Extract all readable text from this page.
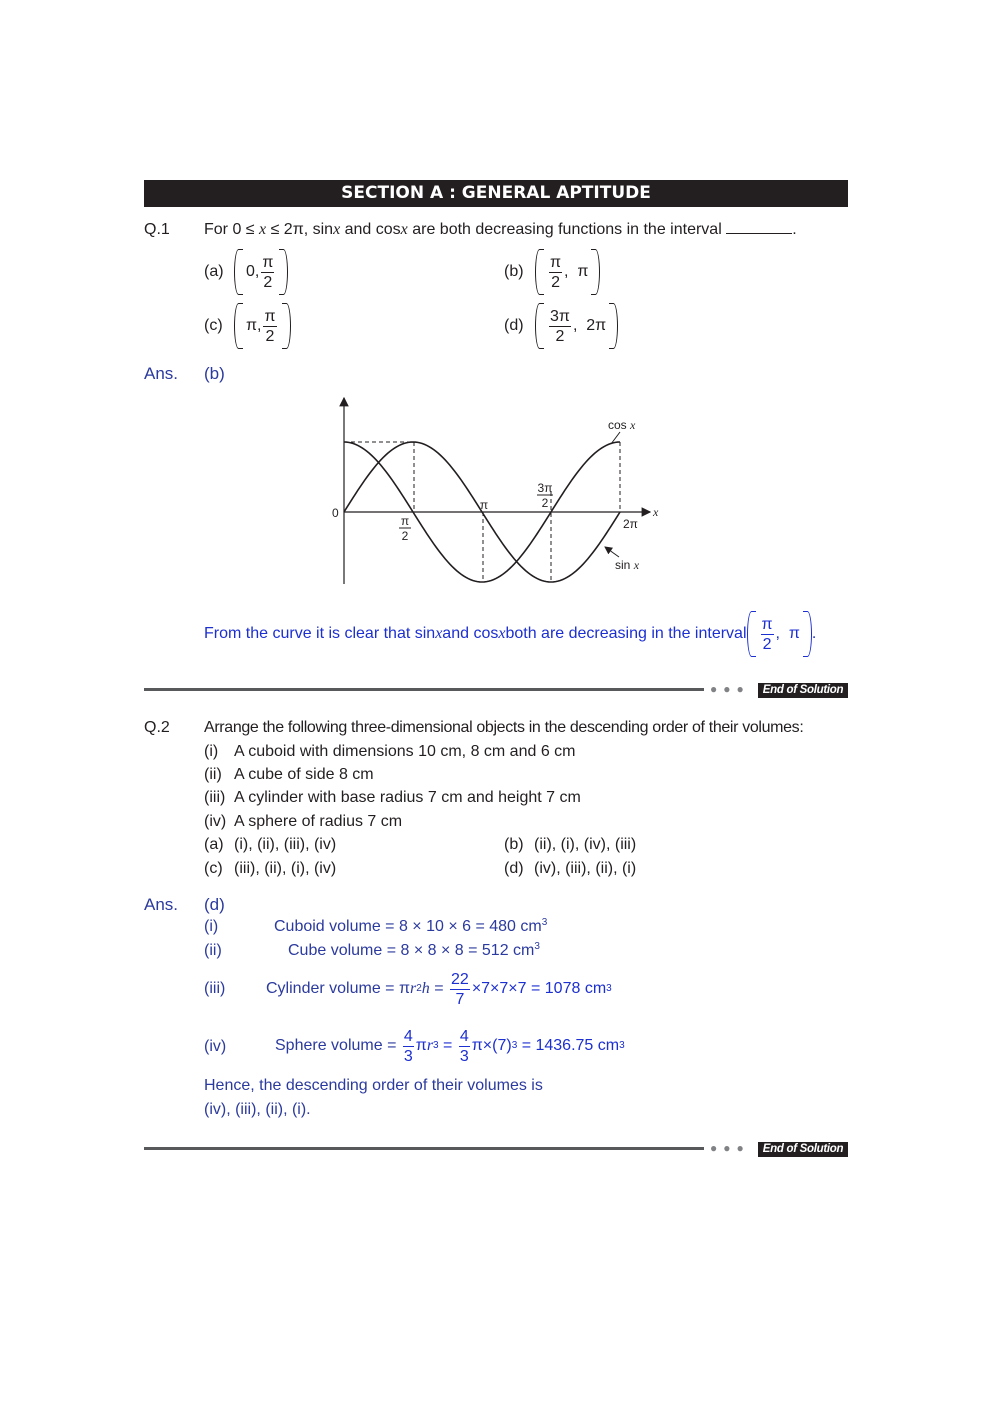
SECTION A : GENERAL APTITUDE
Q.1 For 0 ≤ x ≤ 2π, sinx and cosx are both decreasing functions in the interval	.
(a) 0, $\frac{\pi}{2}$	$(b) \frac{\pi}{2}$ ,  π
(c) π, $\frac{\pi}{2}$	$(d) \frac{3\pi}{2}$ ,  2π
Ans. (b)
0	x
π
π
2
3π
2
2π
cos x
sin x
From the curve it is clear that sin x and cos x both are decreasing in the interval $\frac{\pi}{2}$ ,  π .
●●●	End of Solution
Q.2 Arrange the following three-dimensional objects in the descending order of their volumes:
(i) A cuboid with dimensions 10 cm, 8 cm and 6 cm
(ii) A cube of side 8 cm
(iii) A cylinder with base radius 7 cm and height 7 cm
(iv) A sphere of radius 7 cm
(a) (i), (ii), (iii), (iv)	(b) (ii), (i), (iv), (iii)
(c) (iii), (ii), (i), (iv)	(d) (iv), (iii), (ii), (i)
Ans. (d)
(i)	Cuboid volume = 8 × 10 × 6 = 480 $cm^3$
(ii)	Cube volume = 8 × 8 × 8 = 512 $cm^3$
(iii)	Cylinder volume = π r 2 $h = \frac{22}{7} \times 7\times 7\times 7 = 1078$ cm 3
(iv)	Sphere volume = $\frac{4}{3}$ π r $3 = \frac{4}{3} \pi\times(7) 3 = 1436.75$ cm 3
Hence, the descending order of their volumes is
(iv), (iii), (ii), (i).
●●●	End of Solution
